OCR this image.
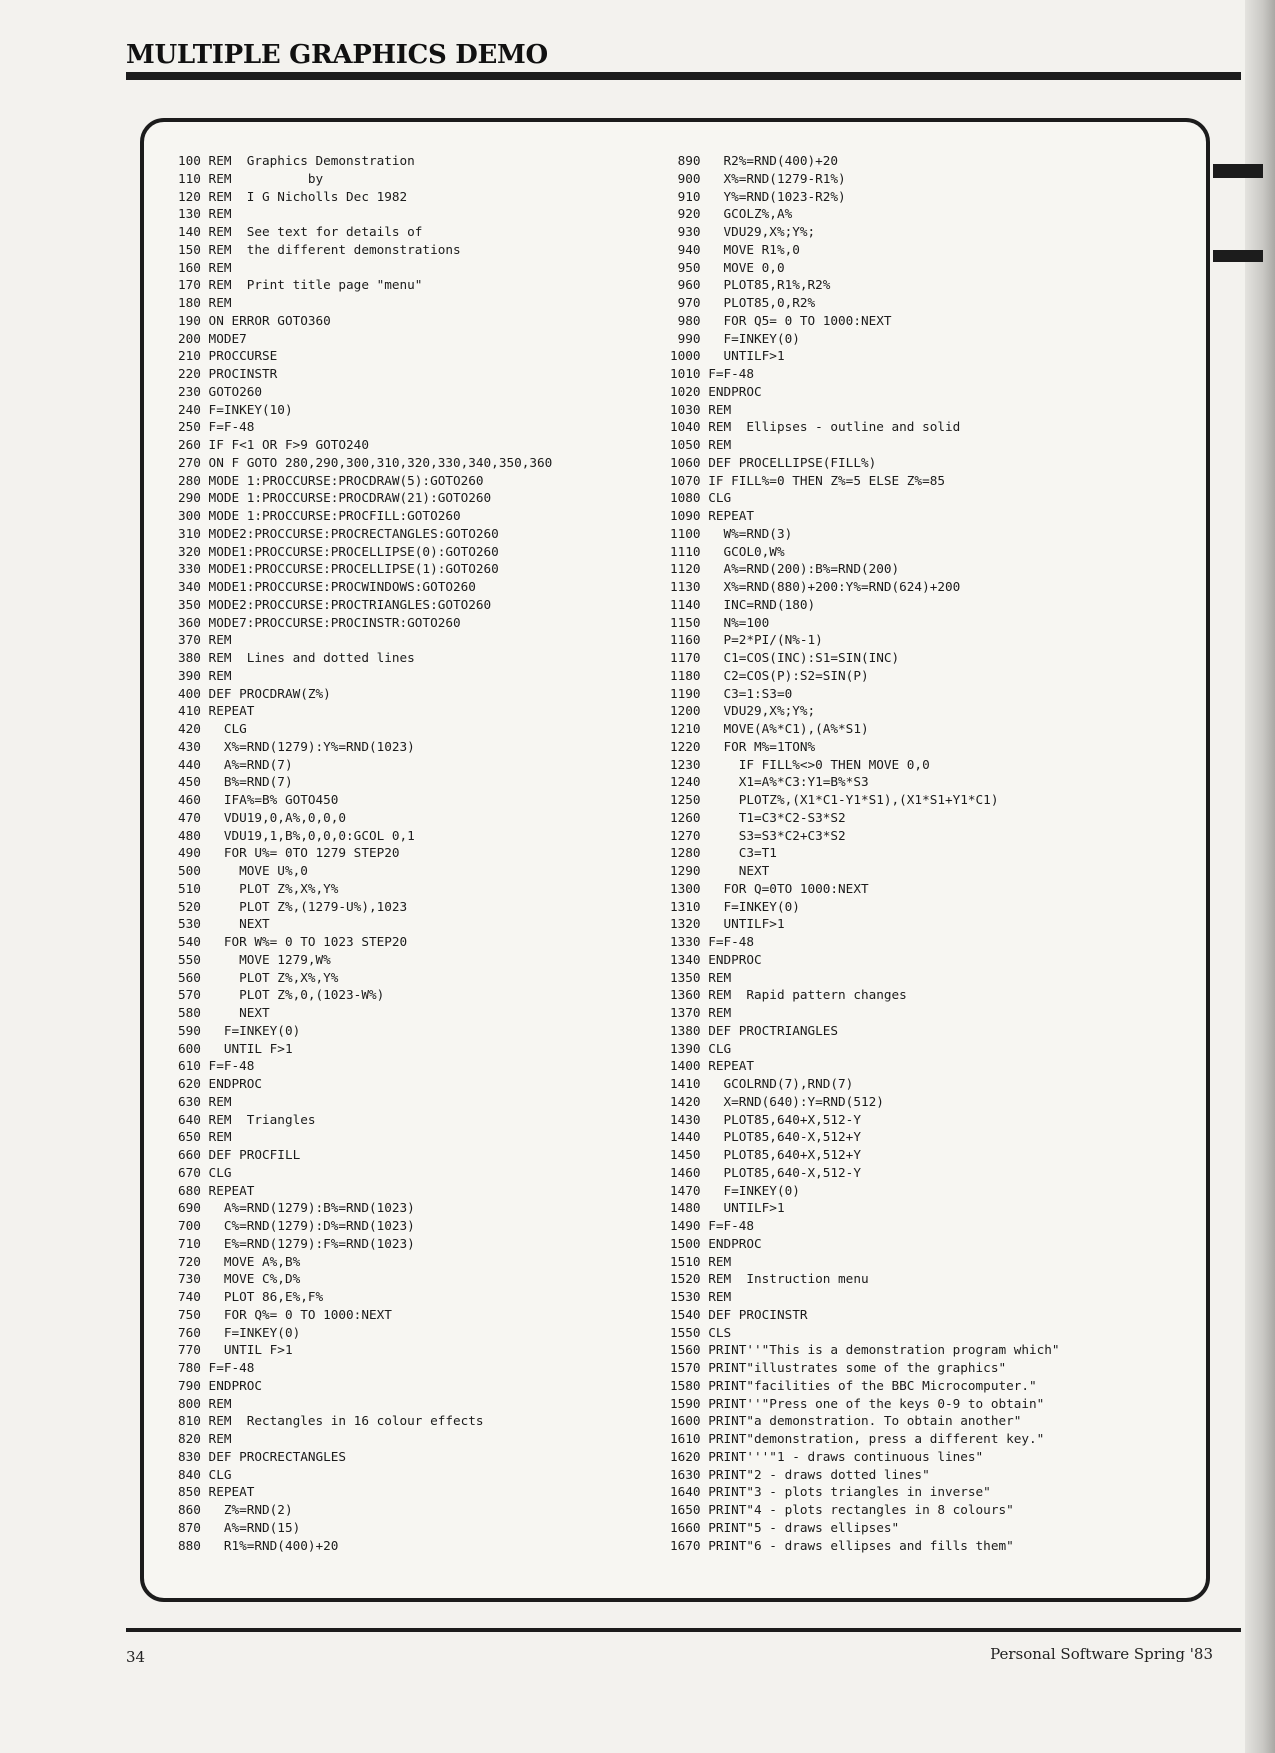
MULTIPLE GRAPHICS DEMO
100 REM  Graphics Demonstration
110 REM          by
120 REM  I G Nicholls Dec 1982
130 REM
140 REM  See text for details of
150 REM  the different demonstrations
160 REM
170 REM  Print title page "menu"
180 REM
190 ON ERROR GOTO360
200 MODE7
210 PROCCURSE
220 PROCINSTR
230 GOTO260
240 F=INKEY(10)
250 F=F-48
260 IF F<1 OR F>9 GOTO240
270 ON F GOTO 280,290,300,310,320,330,340,350,360
280 MODE 1:PROCCURSE:PROCDRAW(5):GOTO260
290 MODE 1:PROCCURSE:PROCDRAW(21):GOTO260
300 MODE 1:PROCCURSE:PROCFILL:GOTO260
310 MODE2:PROCCURSE:PROCRECTANGLES:GOTO260
320 MODE1:PROCCURSE:PROCELLIPSE(0):GOTO260
330 MODE1:PROCCURSE:PROCELLIPSE(1):GOTO260
340 MODE1:PROCCURSE:PROCWINDOWS:GOTO260
350 MODE2:PROCCURSE:PROCTRIANGLES:GOTO260
360 MODE7:PROCCURSE:PROCINSTR:GOTO260
370 REM
380 REM  Lines and dotted lines
390 REM
400 DEF PROCDRAW(Z%)
410 REPEAT
420   CLG
430   X%=RND(1279):Y%=RND(1023)
440   A%=RND(7)
450   B%=RND(7)
460   IFA%=B% GOTO450
470   VDU19,0,A%,0,0,0
480   VDU19,1,B%,0,0,0:GCOL 0,1
490   FOR U%= 0TO 1279 STEP20
500     MOVE U%,0
510     PLOT Z%,X%,Y%
520     PLOT Z%,(1279-U%),1023
530     NEXT
540   FOR W%= 0 TO 1023 STEP20
550     MOVE 1279,W%
560     PLOT Z%,X%,Y%
570     PLOT Z%,0,(1023-W%)
580     NEXT
590   F=INKEY(0)
600   UNTIL F>1
610 F=F-48
620 ENDPROC
630 REM
640 REM  Triangles
650 REM
660 DEF PROCFILL
670 CLG
680 REPEAT
690   A%=RND(1279):B%=RND(1023)
700   C%=RND(1279):D%=RND(1023)
710   E%=RND(1279):F%=RND(1023)
720   MOVE A%,B%
730   MOVE C%,D%
740   PLOT 86,E%,F%
750   FOR Q%= 0 TO 1000:NEXT
760   F=INKEY(0)
770   UNTIL F>1
780 F=F-48
790 ENDPROC
800 REM
810 REM  Rectangles in 16 colour effects
820 REM
830 DEF PROCRECTANGLES
840 CLG
850 REPEAT
860   Z%=RND(2)
870   A%=RND(15)
880   R1%=RND(400)+20
890   R2%=RND(400)+20
900   X%=RND(1279-R1%)
910   Y%=RND(1023-R2%)
920   GCOLZ%,A%
930   VDU29,X%;Y%;
940   MOVE R1%,0
950   MOVE 0,0
960   PLOT85,R1%,R2%
970   PLOT85,0,R2%
980   FOR Q5= 0 TO 1000:NEXT
990   F=INKEY(0)
1000   UNTILF>1
1010 F=F-48
1020 ENDPROC
1030 REM
1040 REM  Ellipses - outline and solid
1050 REM
1060 DEF PROCELLIPSE(FILL%)
1070 IF FILL%=0 THEN Z%=5 ELSE Z%=85
1080 CLG
1090 REPEAT
1100   W%=RND(3)
1110   GCOL0,W%
1120   A%=RND(200):B%=RND(200)
1130   X%=RND(880)+200:Y%=RND(624)+200
1140   INC=RND(180)
1150   N%=100
1160   P=2*PI/(N%-1)
1170   C1=COS(INC):S1=SIN(INC)
1180   C2=COS(P):S2=SIN(P)
1190   C3=1:S3=0
1200   VDU29,X%;Y%;
1210   MOVE(A%*C1),(A%*S1)
1220   FOR M%=1TON%
1230     IF FILL%<>0 THEN MOVE 0,0
1240     X1=A%*C3:Y1=B%*S3
1250     PLOTZ%,(X1*C1-Y1*S1),(X1*S1+Y1*C1)
1260     T1=C3*C2-S3*S2
1270     S3=S3*C2+C3*S2
1280     C3=T1
1290     NEXT
1300   FOR Q=0TO 1000:NEXT
1310   F=INKEY(0)
1320   UNTILF>1
1330 F=F-48
1340 ENDPROC
1350 REM
1360 REM  Rapid pattern changes
1370 REM
1380 DEF PROCTRIANGLES
1390 CLG
1400 REPEAT
1410   GCOLRND(7),RND(7)
1420   X=RND(640):Y=RND(512)
1430   PLOT85,640+X,512-Y
1440   PLOT85,640-X,512+Y
1450   PLOT85,640+X,512+Y
1460   PLOT85,640-X,512-Y
1470   F=INKEY(0)
1480   UNTILF>1
1490 F=F-48
1500 ENDPROC
1510 REM
1520 REM  Instruction menu
1530 REM
1540 DEF PROCINSTR
1550 CLS
1560 PRINT''"This is a demonstration program which"
1570 PRINT"illustrates some of the graphics"
1580 PRINT"facilities of the BBC Microcomputer."
1590 PRINT''"Press one of the keys 0-9 to obtain"
1600 PRINT"a demonstration. To obtain another"
1610 PRINT"demonstration, press a different key."
1620 PRINT'''"1 - draws continuous lines"
1630 PRINT"2 - draws dotted lines"
1640 PRINT"3 - plots triangles in inverse"
1650 PRINT"4 - plots rectangles in 8 colours"
1660 PRINT"5 - draws ellipses"
1670 PRINT"6 - draws ellipses and fills them"
34	Personal Software Spring '83
